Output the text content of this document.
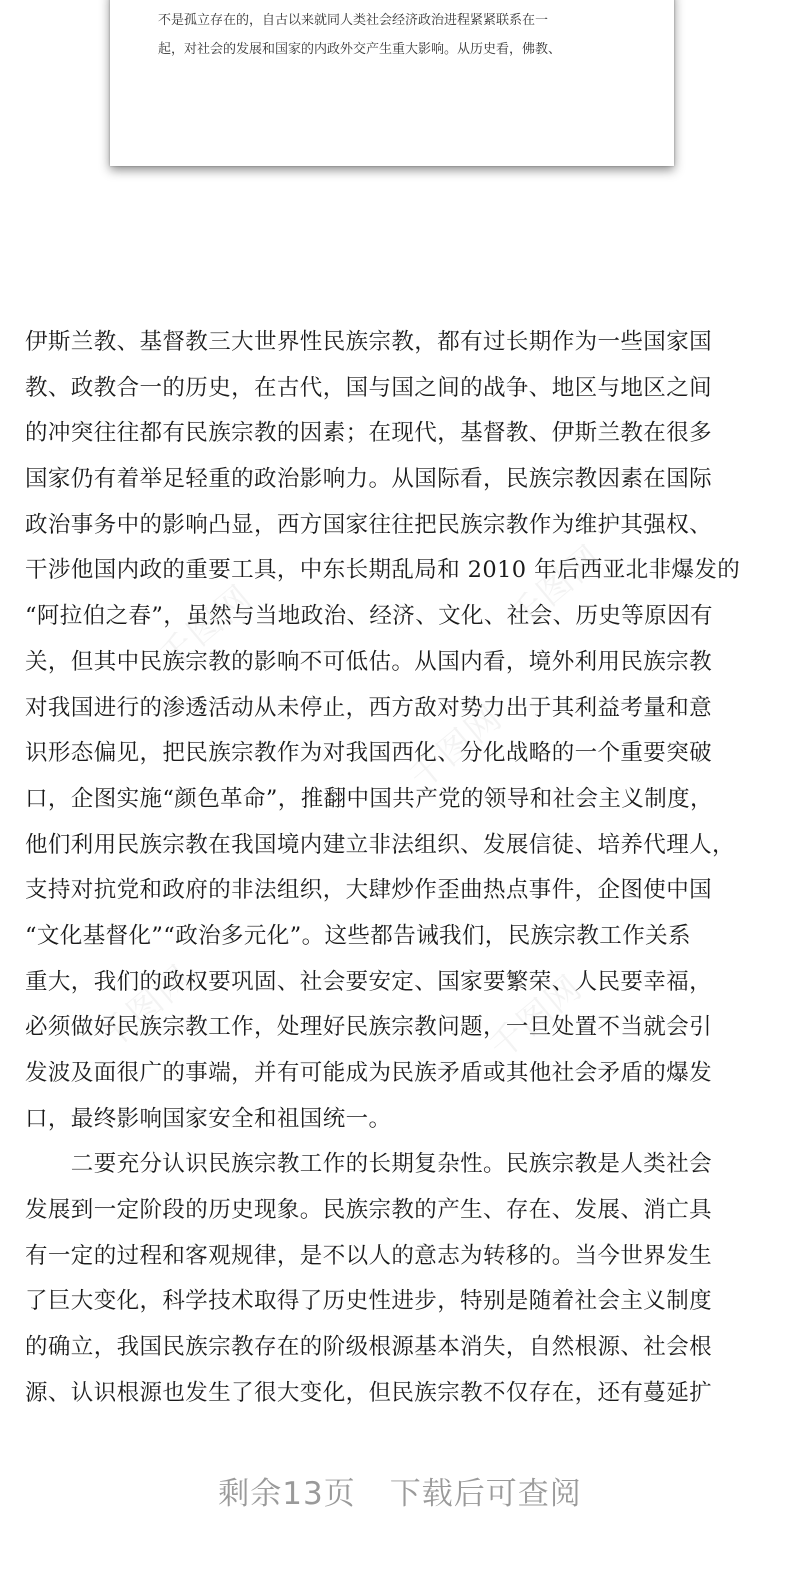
不是孤立存在的，自古以来就同人类社会经济政治进程紧紧联系在一
起，对社会的发展和国家的内政外交产生重大影响。从历史看，佛教、

千图网	千图网
千图网
千图网	千图网
伊斯兰教、基督教三大世界性民族宗教，都有过长期作为一些国家国
教、政教合一的历史，在古代，国与国之间的战争、地区与地区之间
的冲突往往都有民族宗教的因素；在现代，基督教、伊斯兰教在很多
国家仍有着举足轻重的政治影响力。从国际看，民族宗教因素在国际
政治事务中的影响凸显，西方国家往往把民族宗教作为维护其强权、
干涉他国内政的重要工具，中东长期乱局和 2010 年后西亚北非爆发的
“阿拉伯之春”，虽然与当地政治、经济、文化、社会、历史等原因有
关，但其中民族宗教的影响不可低估。从国内看，境外利用民族宗教
对我国进行的渗透活动从未停止，西方敌对势力出于其利益考量和意
识形态偏见，把民族宗教作为对我国西化、分化战略的一个重要突破
口，企图实施“颜色革命”，推翻中国共产党的领导和社会主义制度，
他们利用民族宗教在我国境内建立非法组织、发展信徒、培养代理人，
支持对抗党和政府的非法组织，大肆炒作歪曲热点事件，企图使中国
“文化基督化”“政治多元化”。这些都告诫我们，民族宗教工作关系
重大，我们的政权要巩固、社会要安定、国家要繁荣、人民要幸福，
必须做好民族宗教工作，处理好民族宗教问题，一旦处置不当就会引
发波及面很广的事端，并有可能成为民族矛盾或其他社会矛盾的爆发
口，最终影响国家安全和祖国统一。
　　二要充分认识民族宗教工作的长期复杂性。民族宗教是人类社会
发展到一定阶段的历史现象。民族宗教的产生、存在、发展、消亡具
有一定的过程和客观规律，是不以人的意志为转移的。当今世界发生
了巨大变化，科学技术取得了历史性进步，特别是随着社会主义制度
的确立，我国民族宗教存在的阶级根源基本消失，自然根源、社会根
源、认识根源也发生了很大变化，但民族宗教不仅存在，还有蔓延扩
剩余13页 下载后可查阅
